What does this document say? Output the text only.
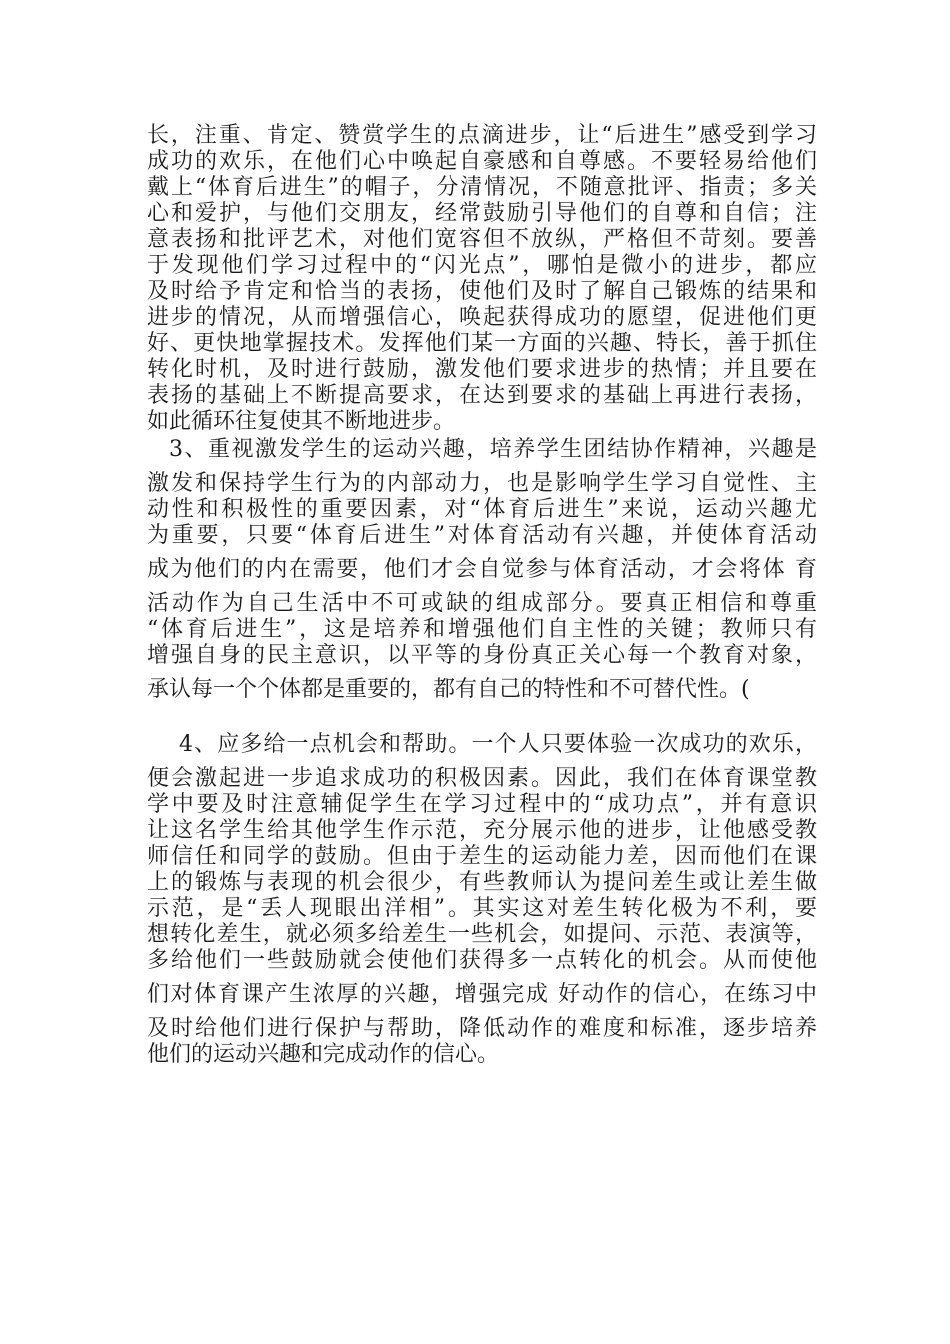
长，注重、肯定、赞赏学生的点滴进步，让“后进生”感受到学习
成功的欢乐，在他们心中唤起自豪感和自尊感。不要轻易给他们
戴上“体育后进生”的帽子，分清情况，不随意批评、指责；多关
心和爱护，与他们交朋友，经常鼓励引导他们的自尊和自信；注
意表扬和批评艺术，对他们宽容但不放纵，严格但不苛刻。要善
于发现他们学习过程中的“闪光点”，哪怕是微小的进步，都应
及时给予肯定和恰当的表扬，使他们及时了解自己锻炼的结果和
进步的情况，从而增强信心，唤起获得成功的愿望，促进他们更
好、更快地掌握技术。发挥他们某一方面的兴趣、特长，善于抓住
转化时机，及时进行鼓励，激发他们要求进步的热情；并且要在
表扬的基础上不断提高要求，在达到要求的基础上再进行表扬，
如此循环往复使其不断地进步。
3、重视激发学生的运动兴趣，培养学生团结协作精神，兴趣是
激发和保持学生行为的内部动力，也是影响学生学习自觉性、主
动性和积极性的重要因素，对“体育后进生”来说，运动兴趣尤
为重要，只要“体育后进生”对体育活动有兴趣，并使体育活动
成为他们的内在需要，他们才会自觉参与体育活动，才会将体 育
活动作为自己生活中不可或缺的组成部分。要真正相信和尊重
“体育后进生”，这是培养和增强他们自主性的关键；教师只有
增强自身的民主意识，以平等的身份真正关心每一个教育对象，
承认每一个个体都是重要的，都有自己的特性和不可替代性。(
4、应多给一点机会和帮助。一个人只要体验一次成功的欢乐，
便会激起进一步追求成功的积极因素。因此，我们在体育课堂教
学中要及时注意辅促学生在学习过程中的“成功点”，并有意识
让这名学生给其他学生作示范，充分展示他的进步，让他感受教
师信任和同学的鼓励。但由于差生的运动能力差，因而他们在课
上的锻炼与表现的机会很少，有些教师认为提问差生或让差生做
示范，是“丢人现眼出洋相”。其实这对差生转化极为不利，要
想转化差生，就必须多给差生一些机会，如提问、示范、表演等，
多给他们一些鼓励就会使他们获得多一点转化的机会。从而使他
们对体育课产生浓厚的兴趣，增强完成 好动作的信心，在练习中
及时给他们进行保护与帮助，降低动作的难度和标准，逐步培养
他们的运动兴趣和完成动作的信心。
